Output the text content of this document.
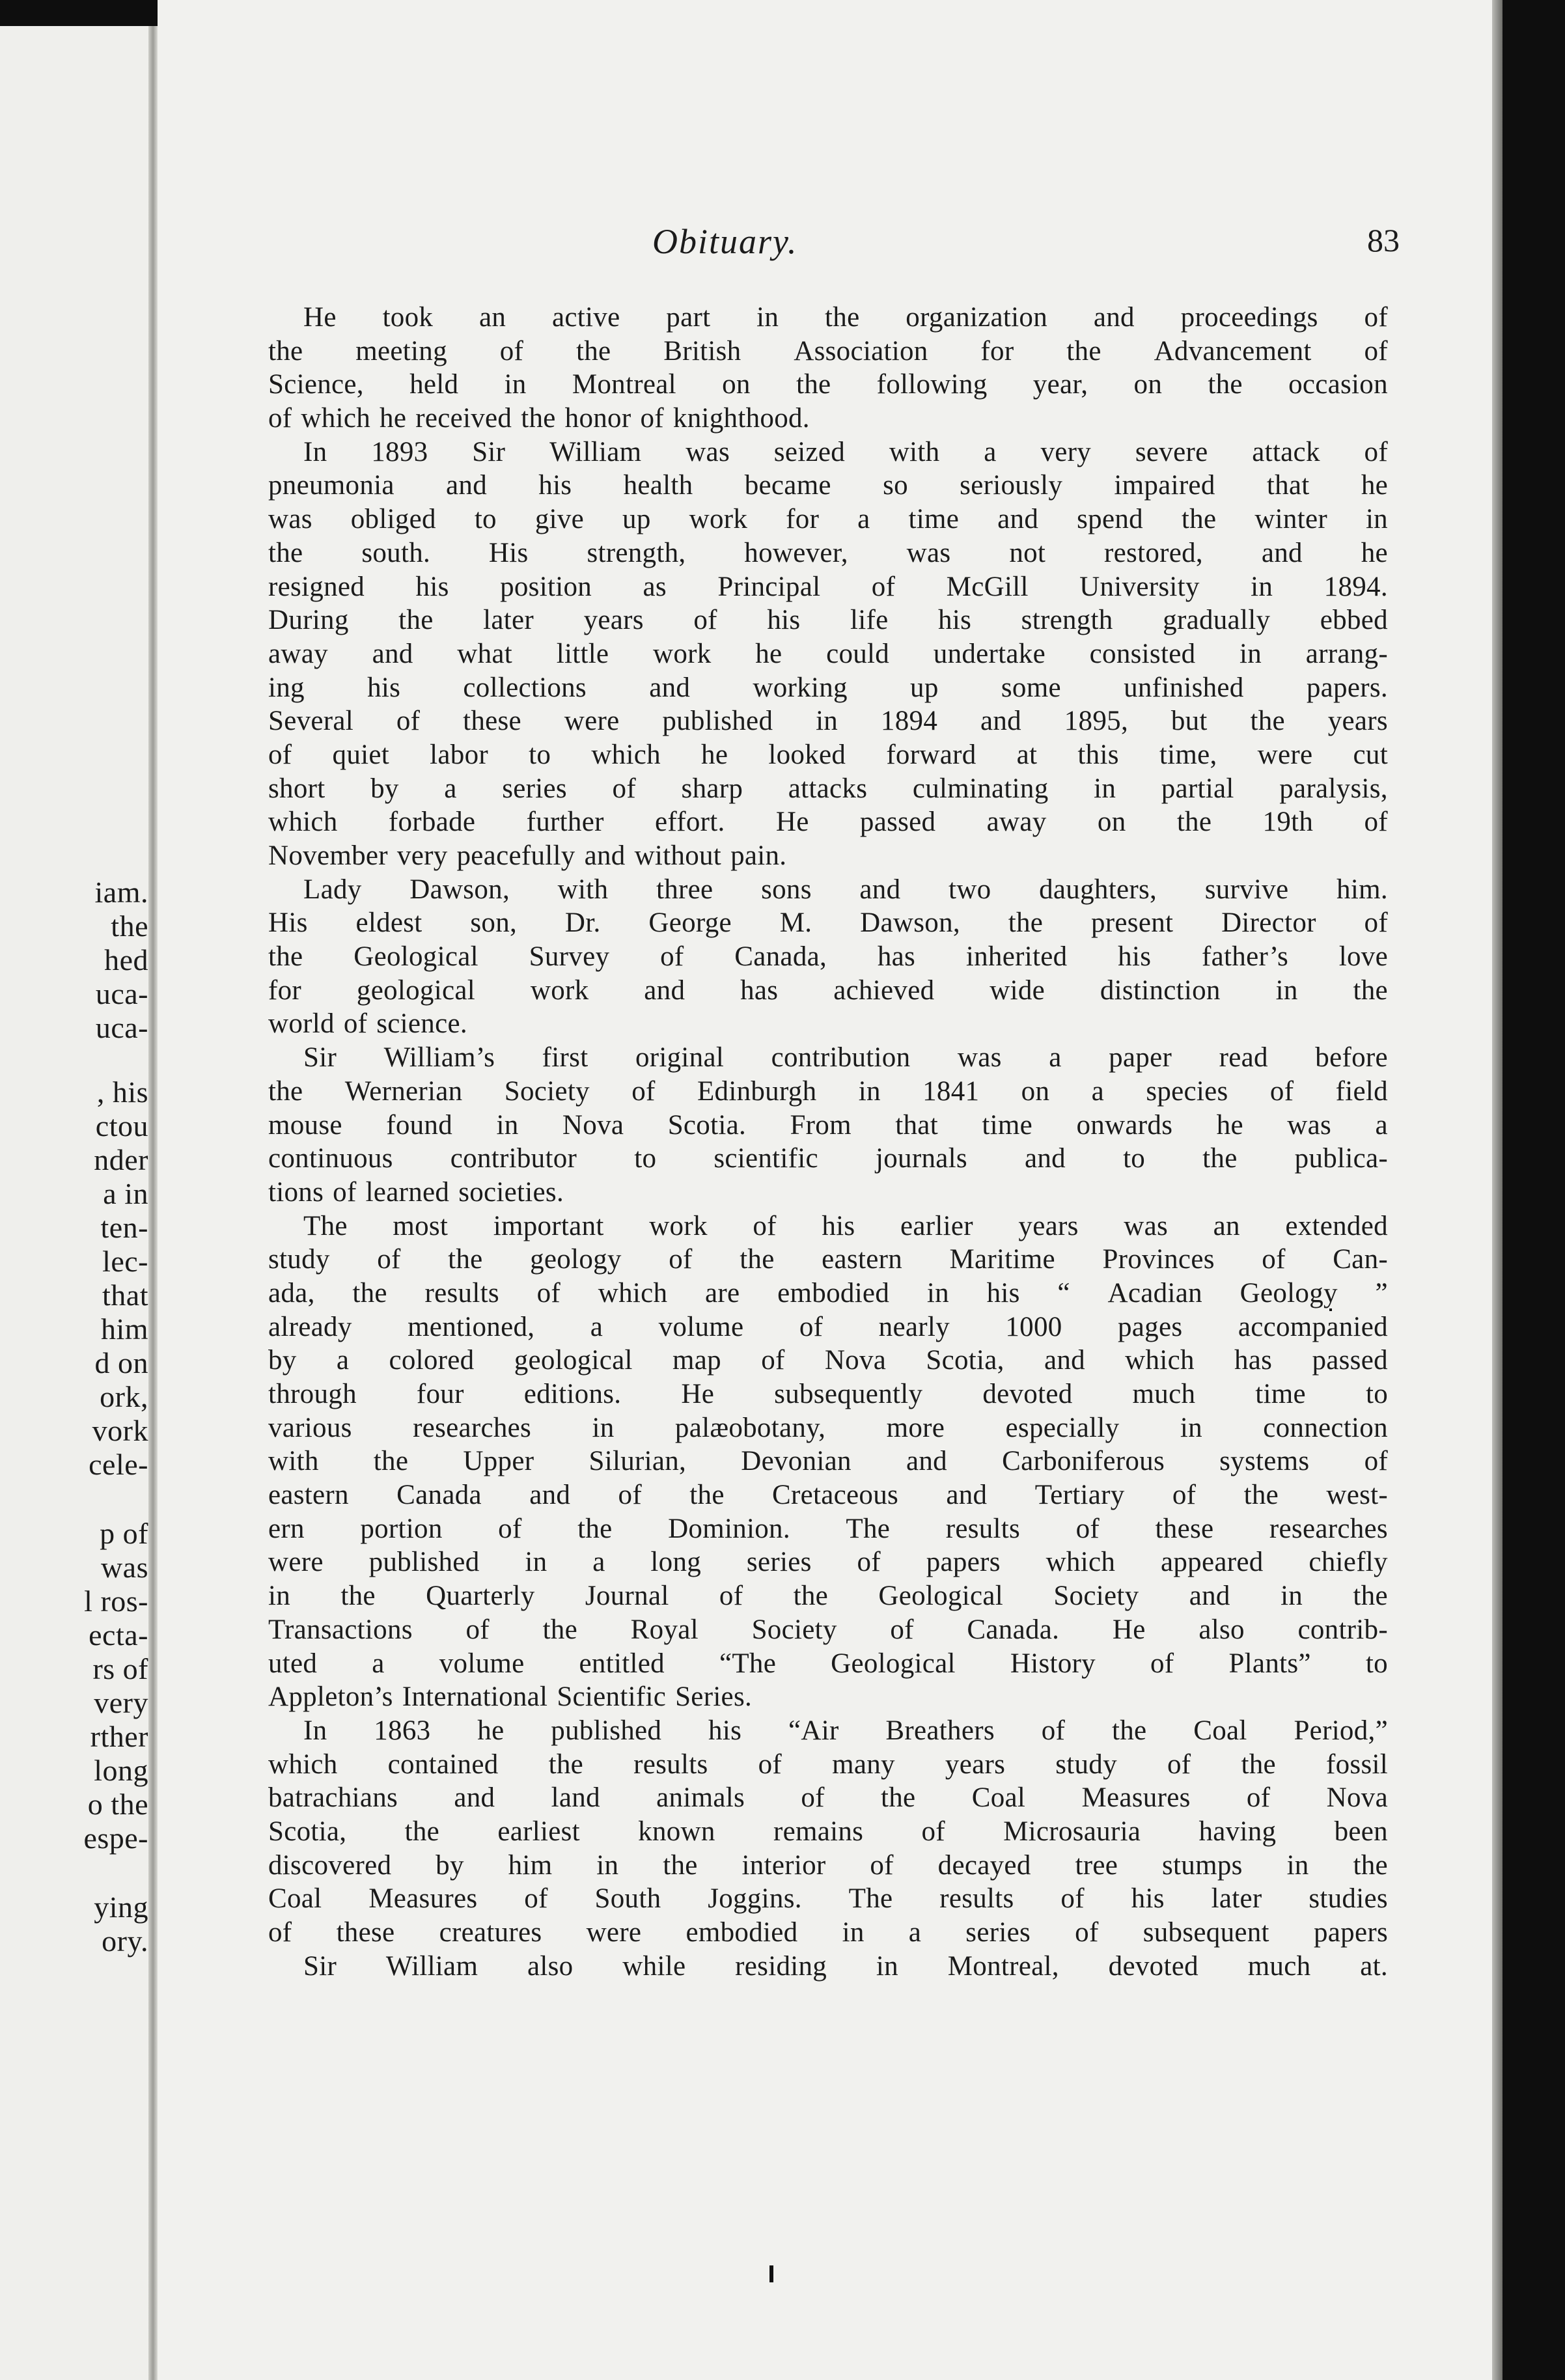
iam.
the
hed
uca-
uca-
, his
ctou
nder
a in
ten-
lec-
that
him
d on
ork,
vork
cele-
p of
was
l ros-
ecta-
rs of
very
rther
long
o the
espe-
ying
ory.
Obituary.	83
He took an active part in the organization and proceedings of
the meeting of the British Association for the Advancement of
Science, held in Montreal on the following year, on the occasion
of which he received the honor of knighthood.
In 1893 Sir William was seized with a very severe attack of
pneumonia and his health became so seriously impaired that he
was obliged to give up work for a time and spend the winter in
the south. His strength, however, was not restored, and he
resigned his position as Principal of McGill University in 1894.
During the later years of his life his strength gradually ebbed
away and what little work he could undertake consisted in arrang-
ing his collections and working up some unfinished papers.
Several of these were published in 1894 and 1895, but the years
of quiet labor to which he looked forward at this time, were cut
short by a series of sharp attacks culminating in partial paralysis,
which forbade further effort. He passed away on the 19th of
November very peacefully and without pain.
Lady Dawson, with three sons and two daughters, survive him.
His eldest son, Dr. George M. Dawson, the present Director of
the Geological Survey of Canada, has inherited his father’s love
for geological work and has achieved wide distinction in the
world of science.
Sir William’s first original contribution was a paper read before
the Wernerian Society of Edinburgh in 1841 on a species of field
mouse found in Nova Scotia. From that time onwards he was a
continuous contributor to scientific journals and to the publica-
tions of learned societies.
The most important work of his earlier years was an extended
study of the geology of the eastern Maritime Provinces of Can-
ada, the results of which are embodied in his “ Acadian Geology ”
already mentioned, a volume of nearly 1000 pages accompanied
by a colored geological map of Nova Scotia, and which has passed
through four editions. He subsequently devoted much time to
various researches in palæobotany, more especially in connection
with the Upper Silurian, Devonian and Carboniferous systems of
eastern Canada and of the Cretaceous and Tertiary of the west-
ern portion of the Dominion. The results of these researches
were published in a long series of papers which appeared chiefly
in the Quarterly Journal of the Geological Society and in the
Transactions of the Royal Society of Canada. He also contrib-
uted a volume entitled “The Geological History of Plants” to
Appleton’s International Scientific Series.
In 1863 he published his “Air Breathers of the Coal Period,”
which contained the results of many years study of the fossil
batrachians and land animals of the Coal Measures of Nova
Scotia, the earliest known remains of Microsauria having been
discovered by him in the interior of decayed tree stumps in the
Coal Measures of South Joggins. The results of his later studies
of these creatures were embodied in a series of subsequent papers
Sir William also while residing in Montreal, devoted much at.
